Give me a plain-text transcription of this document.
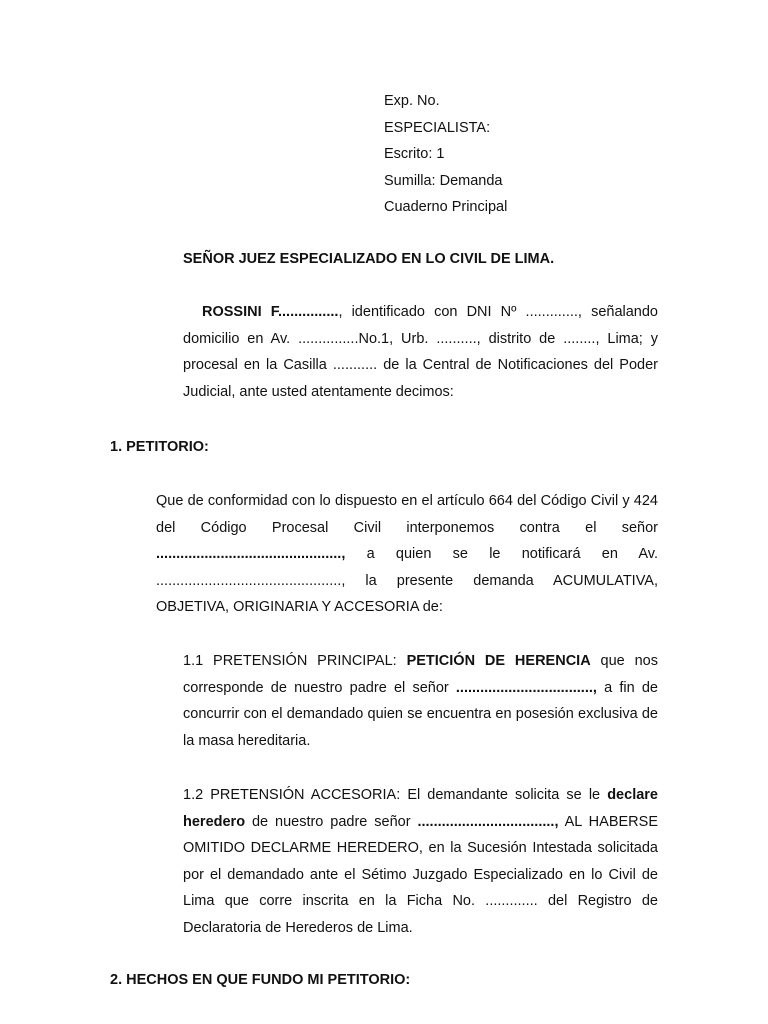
Exp. No.
ESPECIALISTA:
Escrito: 1
Sumilla: Demanda
Cuaderno Principal
SEÑOR JUEZ ESPECIALIZADO EN LO CIVIL DE LIMA.
ROSSINI F..............., identificado con DNI Nº ............., señalando domicilio en Av. ...............No.1, Urb. .........., distrito de ........, Lima; y procesal en la Casilla ........... de la Central de Notificaciones del Poder Judicial, ante usted atentamente decimos:
1. PETITORIO:
Que de conformidad con lo dispuesto en el artículo 664 del Código Civil y 424 del Código Procesal Civil interponemos contra el señor .............................................., a quien se le notificará en Av. .............................................., la presente demanda ACUMULATIVA, OBJETIVA, ORIGINARIA Y ACCESORIA de:
1.1 PRETENSIÓN PRINCIPAL: PETICIÓN DE HERENCIA que nos corresponde de nuestro padre el señor .................................., a fin de concurrir con el demandado quien se encuentra en posesión exclusiva de la masa hereditaria.
1.2 PRETENSIÓN ACCESORIA: El demandante solicita se le declare heredero de nuestro padre señor .................................., AL HABERSE OMITIDO DECLARME HEREDERO, en la Sucesión Intestada solicitada por el demandado ante el Sétimo Juzgado Especializado en lo Civil de Lima que corre inscrita en la Ficha No. ............. del Registro de Declaratoria de Herederos de Lima.
2. HECHOS EN QUE FUNDO MI PETITORIO:
